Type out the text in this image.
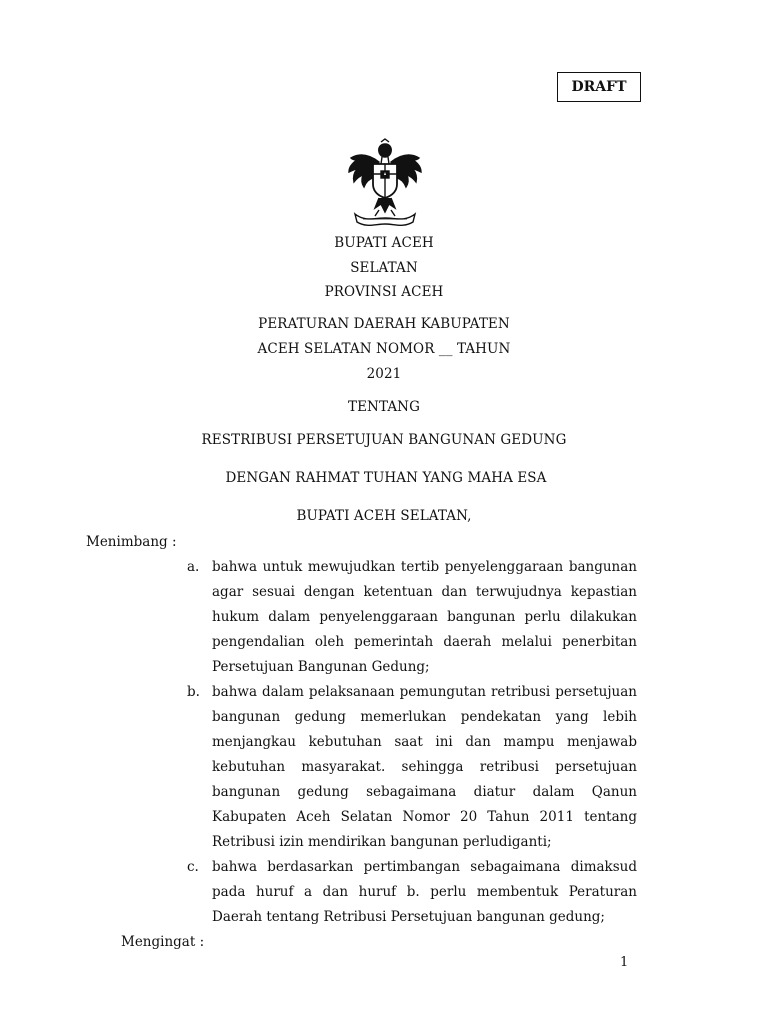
DRAFT
BUPATI ACEH
SELATAN
PROVINSI ACEH
PERATURAN DAERAH KABUPATEN
ACEH SELATAN NOMOR __ TAHUN
2021
TENTANG
RESTRIBUSI PERSETUJUAN BANGUNAN GEDUNG
DENGAN RAHMAT TUHAN YANG MAHA ESA
BUPATI ACEH SELATAN,
Menimbang :
a. bahwa untuk mewujudkan tertib penyelenggaraan bangunan agar sesuai dengan ketentuan dan terwujudnya kepastian hukum dalam penyelenggaraan bangunan perlu dilakukan pengendalian oleh pemerintah daerah melalui penerbitan Persetujuan Bangunan Gedung;
b. bahwa dalam pelaksanaan pemungutan retribusi persetujuan bangunan gedung memerlukan pendekatan yang lebih menjangkau kebutuhan saat ini dan mampu menjawab kebutuhan masyarakat. sehingga retribusi persetujuan bangunan gedung sebagaimana diatur dalam Qanun Kabupaten Aceh Selatan Nomor 20 Tahun 2011 tentang Retribusi izin mendirikan bangunan perludiganti;
c. bahwa berdasarkan pertimbangan sebagaimana dimaksud pada huruf a dan huruf b. perlu membentuk Peraturan Daerah tentang Retribusi Persetujuan bangunan gedung;
Mengingat :
1
